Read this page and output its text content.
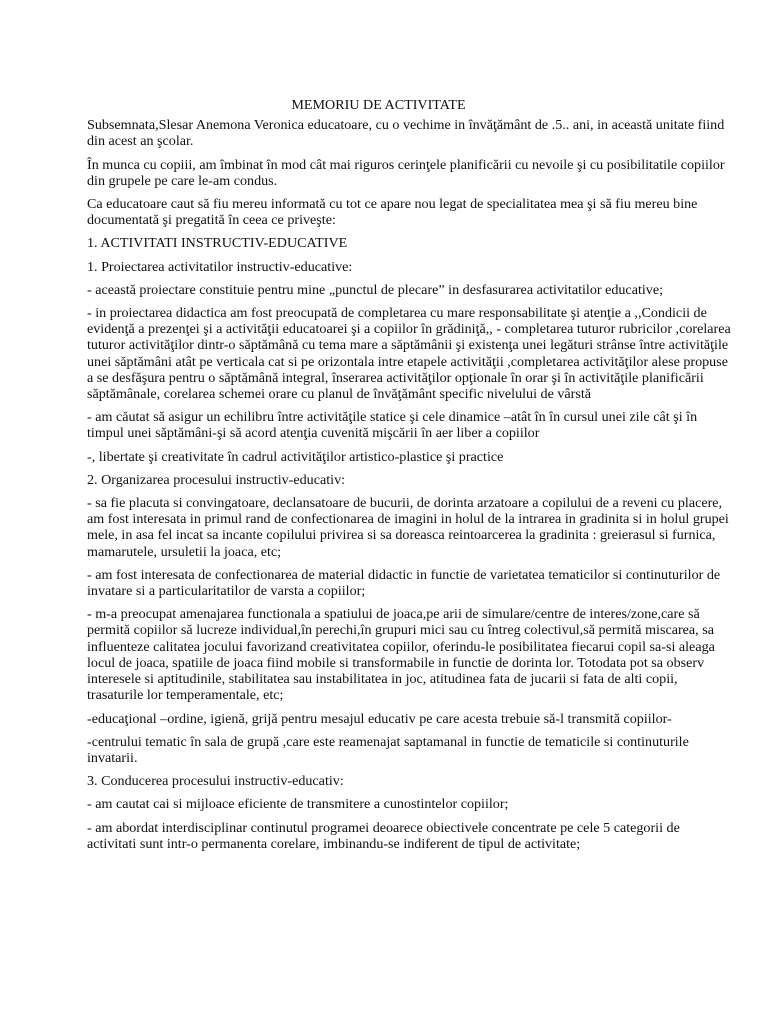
MEMORIU DE ACTIVITATE
Subsemnata,Slesar Anemona Veronica educatoare, cu o vechime in învăţământ de .5.. ani, in această unitate fiind din acest an şcolar.
În munca cu copiii, am îmbinat în mod cât mai riguros cerinţele planificării cu nevoile şi cu posibilitatile copiilor din grupele pe care le-am condus.
Ca educatoare caut să fiu mereu informată cu tot ce apare nou legat de specialitatea mea şi să fiu mereu bine documentată şi pregatită în ceea ce priveşte:
1. ACTIVITATI INSTRUCTIV-EDUCATIVE
1. Proiectarea activitatilor instructiv-educative:
- această proiectare constituie pentru mine „punctul de plecare” in desfasurarea activitatilor educative;
- in proiectarea didactica am fost preocupată de completarea cu mare responsabilitate şi atenţie a ,,Condicii de evidenţă a prezenţei şi a activităţii educatoarei şi a copiilor în grădiniţă,, - completarea tuturor rubricilor ,corelarea tuturor activităţilor dintr-o săptămână cu tema mare a săptămânii şi existenţa unei legături strânse între activităţile unei săptămâni atât pe verticala cat si pe orizontala intre etapele activităţii ,completarea activităţilor alese propuse a se desfăşura pentru o săptămână integral, înserarea activităţilor opţionale în orar şi în activităţile planificării săptămânale, corelarea schemei orare cu planul de învăţământ specific nivelului de vârstă
- am căutat să asigur un echilibru între activităţile statice şi cele dinamice –atât în în cursul unei zile cât şi în timpul unei săptămâni-şi să acord atenţia cuvenită mişcării în aer liber a copiilor
-, libertate şi creativitate în cadrul activităţilor artistico-plastice şi practice
2. Organizarea procesului instructiv-educativ:
- sa fie placuta si convingatoare, declansatoare de bucurii, de dorinta arzatoare a copilului de a reveni cu placere, am fost interesata in primul rand de confectionarea de imagini in holul de la intrarea in gradinita si in holul grupei mele, in asa fel incat sa incante copilului privirea si sa doreasca reintoarcerea la gradinita : greierasul si furnica, mamarutele, ursuletii la joaca, etc;
- am fost interesata de confectionarea de material didactic in functie de varietatea tematicilor si continuturilor de invatare si a particularitatilor de varsta a copiilor;
- m-a preocupat amenajarea functionala a spatiului de joaca,pe arii de simulare/centre de interes/zone,care să permită copiilor să lucreze individual,în perechi,în grupuri mici sau cu întreg colectivul,să permită miscarea, sa influenteze calitatea jocului favorizand creativitatea copiilor, oferindu-le posibilitatea fiecarui copil sa-si aleaga locul de joaca, spatiile de joaca fiind mobile si transformabile in functie de dorinta lor. Totodata pot sa observ interesele si aptitudinile, stabilitatea sau instabilitatea in joc, atitudinea fata de jucarii si fata de alti copii, trasaturile lor temperamentale, etc;
-educaţional –ordine, igienă, grijă pentru mesajul educativ pe care acesta trebuie să-l transmită copiilor-
-centrului tematic în sala de grupă ,care este reamenajat saptamanal in functie de tematicile si continuturile invatarii.
3. Conducerea procesului instructiv-educativ:
- am cautat cai si mijloace eficiente de transmitere a cunostintelor copiilor;
- am abordat interdisciplinar continutul programei deoarece obiectivele concentrate pe cele 5 categorii de activitati sunt intr-o permanenta corelare, imbinandu-se indiferent de tipul de activitate;
